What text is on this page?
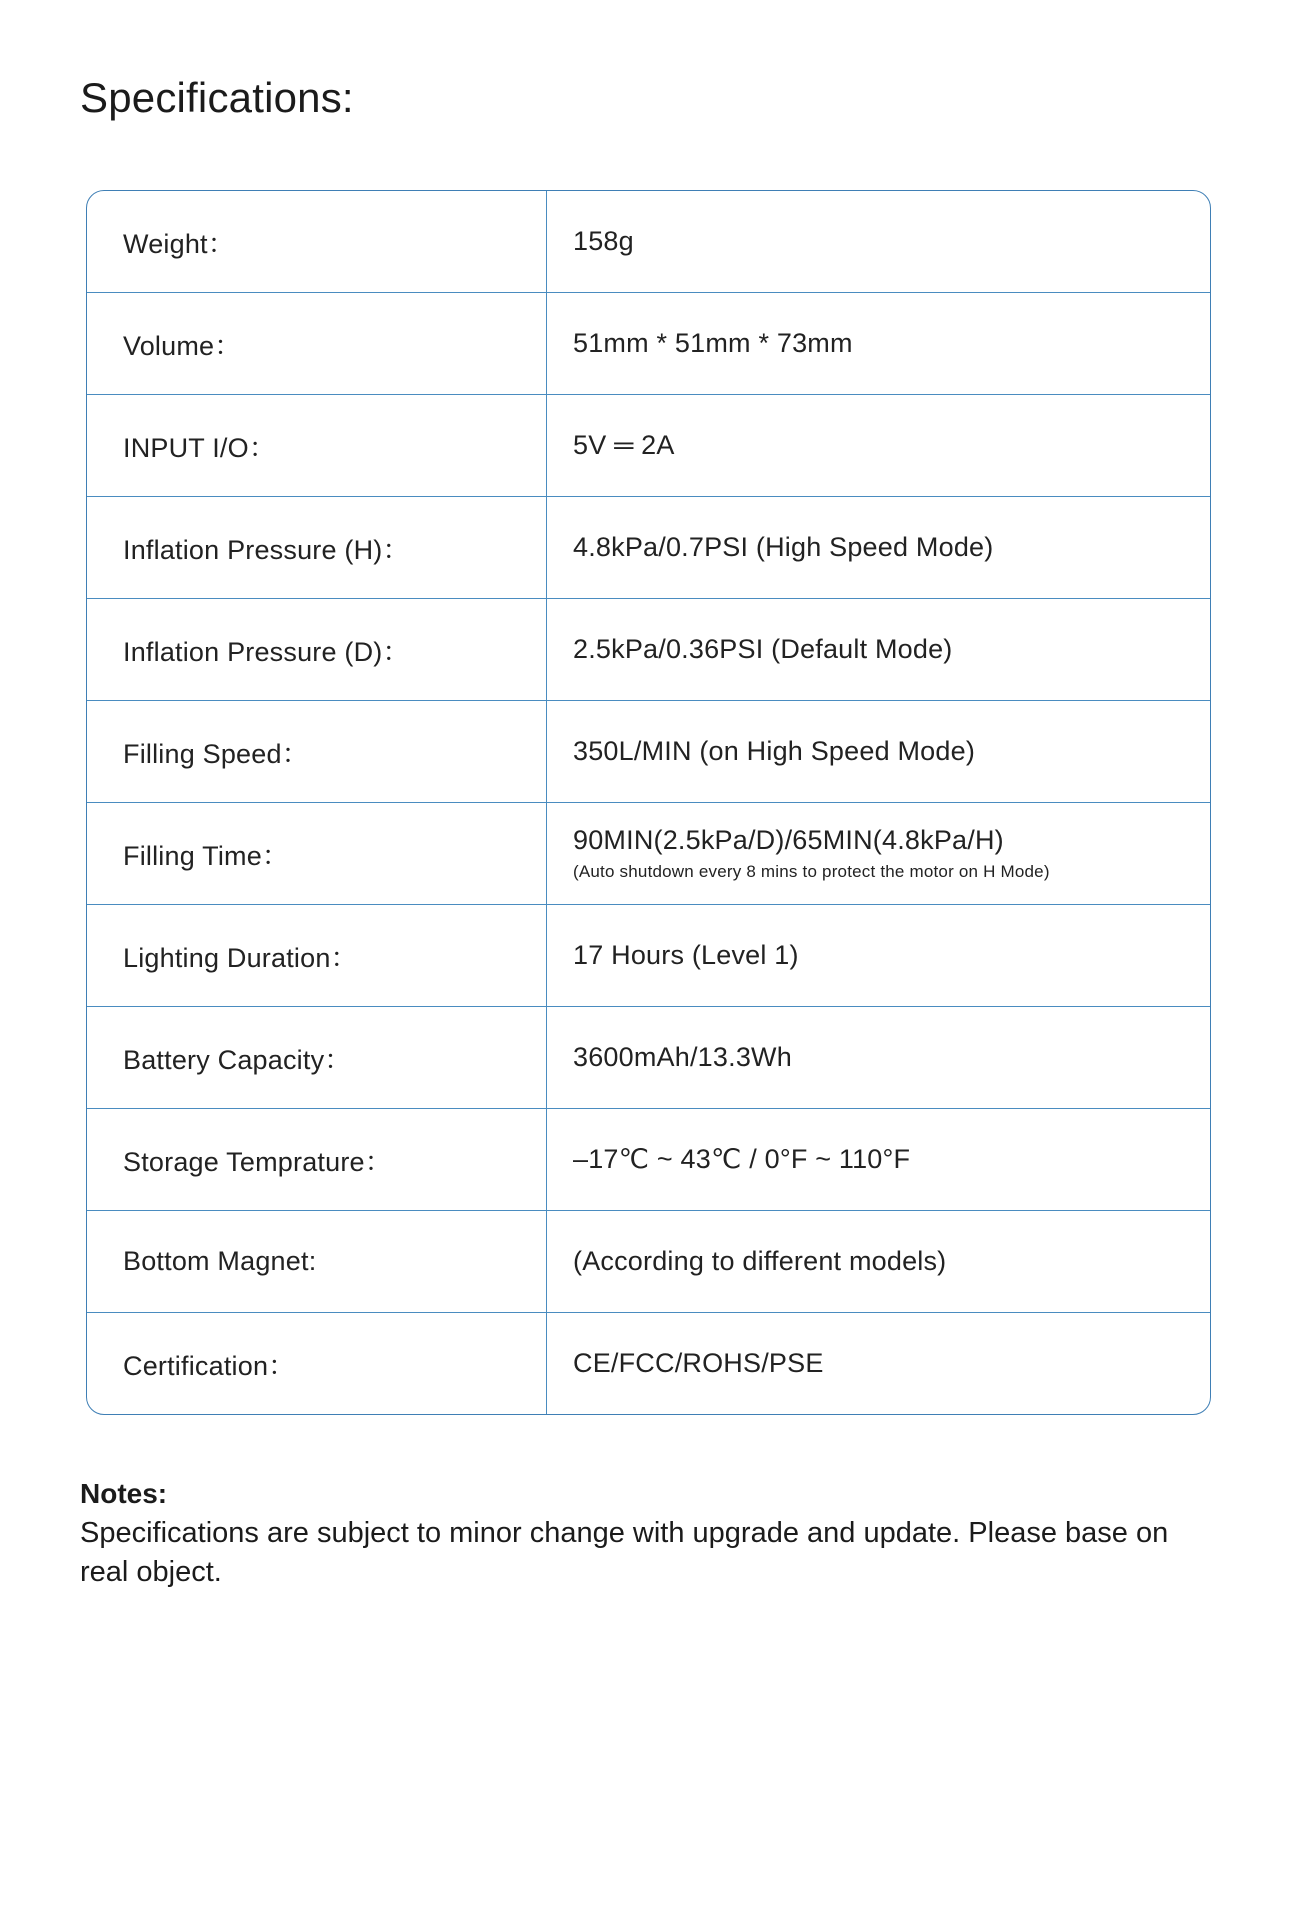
Specifications:
Weight：	158g
Volume：	51mm * 51mm * 73mm
INPUT I/O：	5V ═ 2A
Inflation Pressure (H)：	4.8kPa/0.7PSI (High Speed Mode)
Inflation Pressure (D)：	2.5kPa/0.36PSI (Default Mode)
Filling Speed：	350L/MIN (on High Speed Mode)
Filling Time：
90MIN(2.5kPa/D)/65MIN(4.8kPa/H)
(Auto shutdown every 8 mins to protect the motor on H Mode)
Lighting Duration：	17 Hours (Level 1)
Battery Capacity：	3600mAh/13.3Wh
Storage Temprature：	–17℃ ~ 43℃ / 0°F ~ 110°F
Bottom Magnet:	(According to different models)
Certification：	CE/FCC/ROHS/PSE

Notes:

Specifications are subject to minor change with upgrade and update. Please base on real object.
